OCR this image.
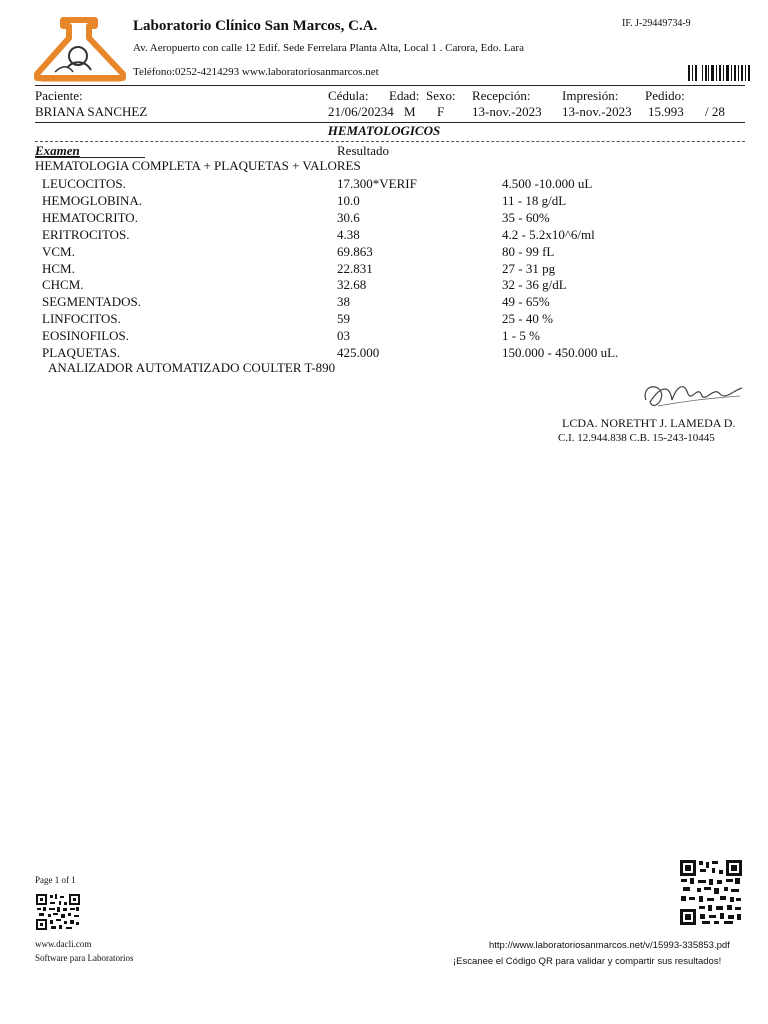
Laboratorio Clínico San Marcos, C.A.	IF. J-29449734-9
Av. Aeropuerto con calle 12 Edif. Sede Ferrelara Planta Alta, Local 1 . Carora, Edo. Lara
Teléfono:0252-4214293 www.laboratoriosanmarcos.net
Paciente:	Cédula: Edad: Sexo: Recepción: Impresión: Pedido:
BRIANA SANCHEZ	21/06/20234 M F 13-nov.-2023 13-nov.-2023 15.993 / 28
HEMATOLOGICOS
Examen	Resultado
HEMATOLOGIA COMPLETA + PLAQUETAS + VALORES
LEUCOCITOS.	17.300*VERIF	4.500 -10.000 uL
HEMOGLOBINA.	10.0	11 - 18 g/dL
HEMATOCRITO.	30.6	35 - 60%
ERITROCITOS.	4.38	4.2 - 5.2x10^6/ml
VCM.	69.863	80 - 99 fL
HCM.	22.831	27 - 31 pg
CHCM.	32.68	32 - 36 g/dL
SEGMENTADOS.	38	49 - 65%
LINFOCITOS.	59	25 - 40 %
EOSINOFILOS.	03	1 - 5 %
PLAQUETAS.	425.000	150.000 - 450.000 uL.
ANALIZADOR AUTOMATIZADO COULTER T-890
LCDA. NORETHT J. LAMEDA D.
C.I. 12.944.838 C.B. 15-243-10445
Page 1 of 1
www.dacli.com
Software para Laboratorios
http://www.laboratoriosanmarcos.net/v/15993-335853.pdf
¡Escanee el Código QR para validar y compartir sus resultados!
